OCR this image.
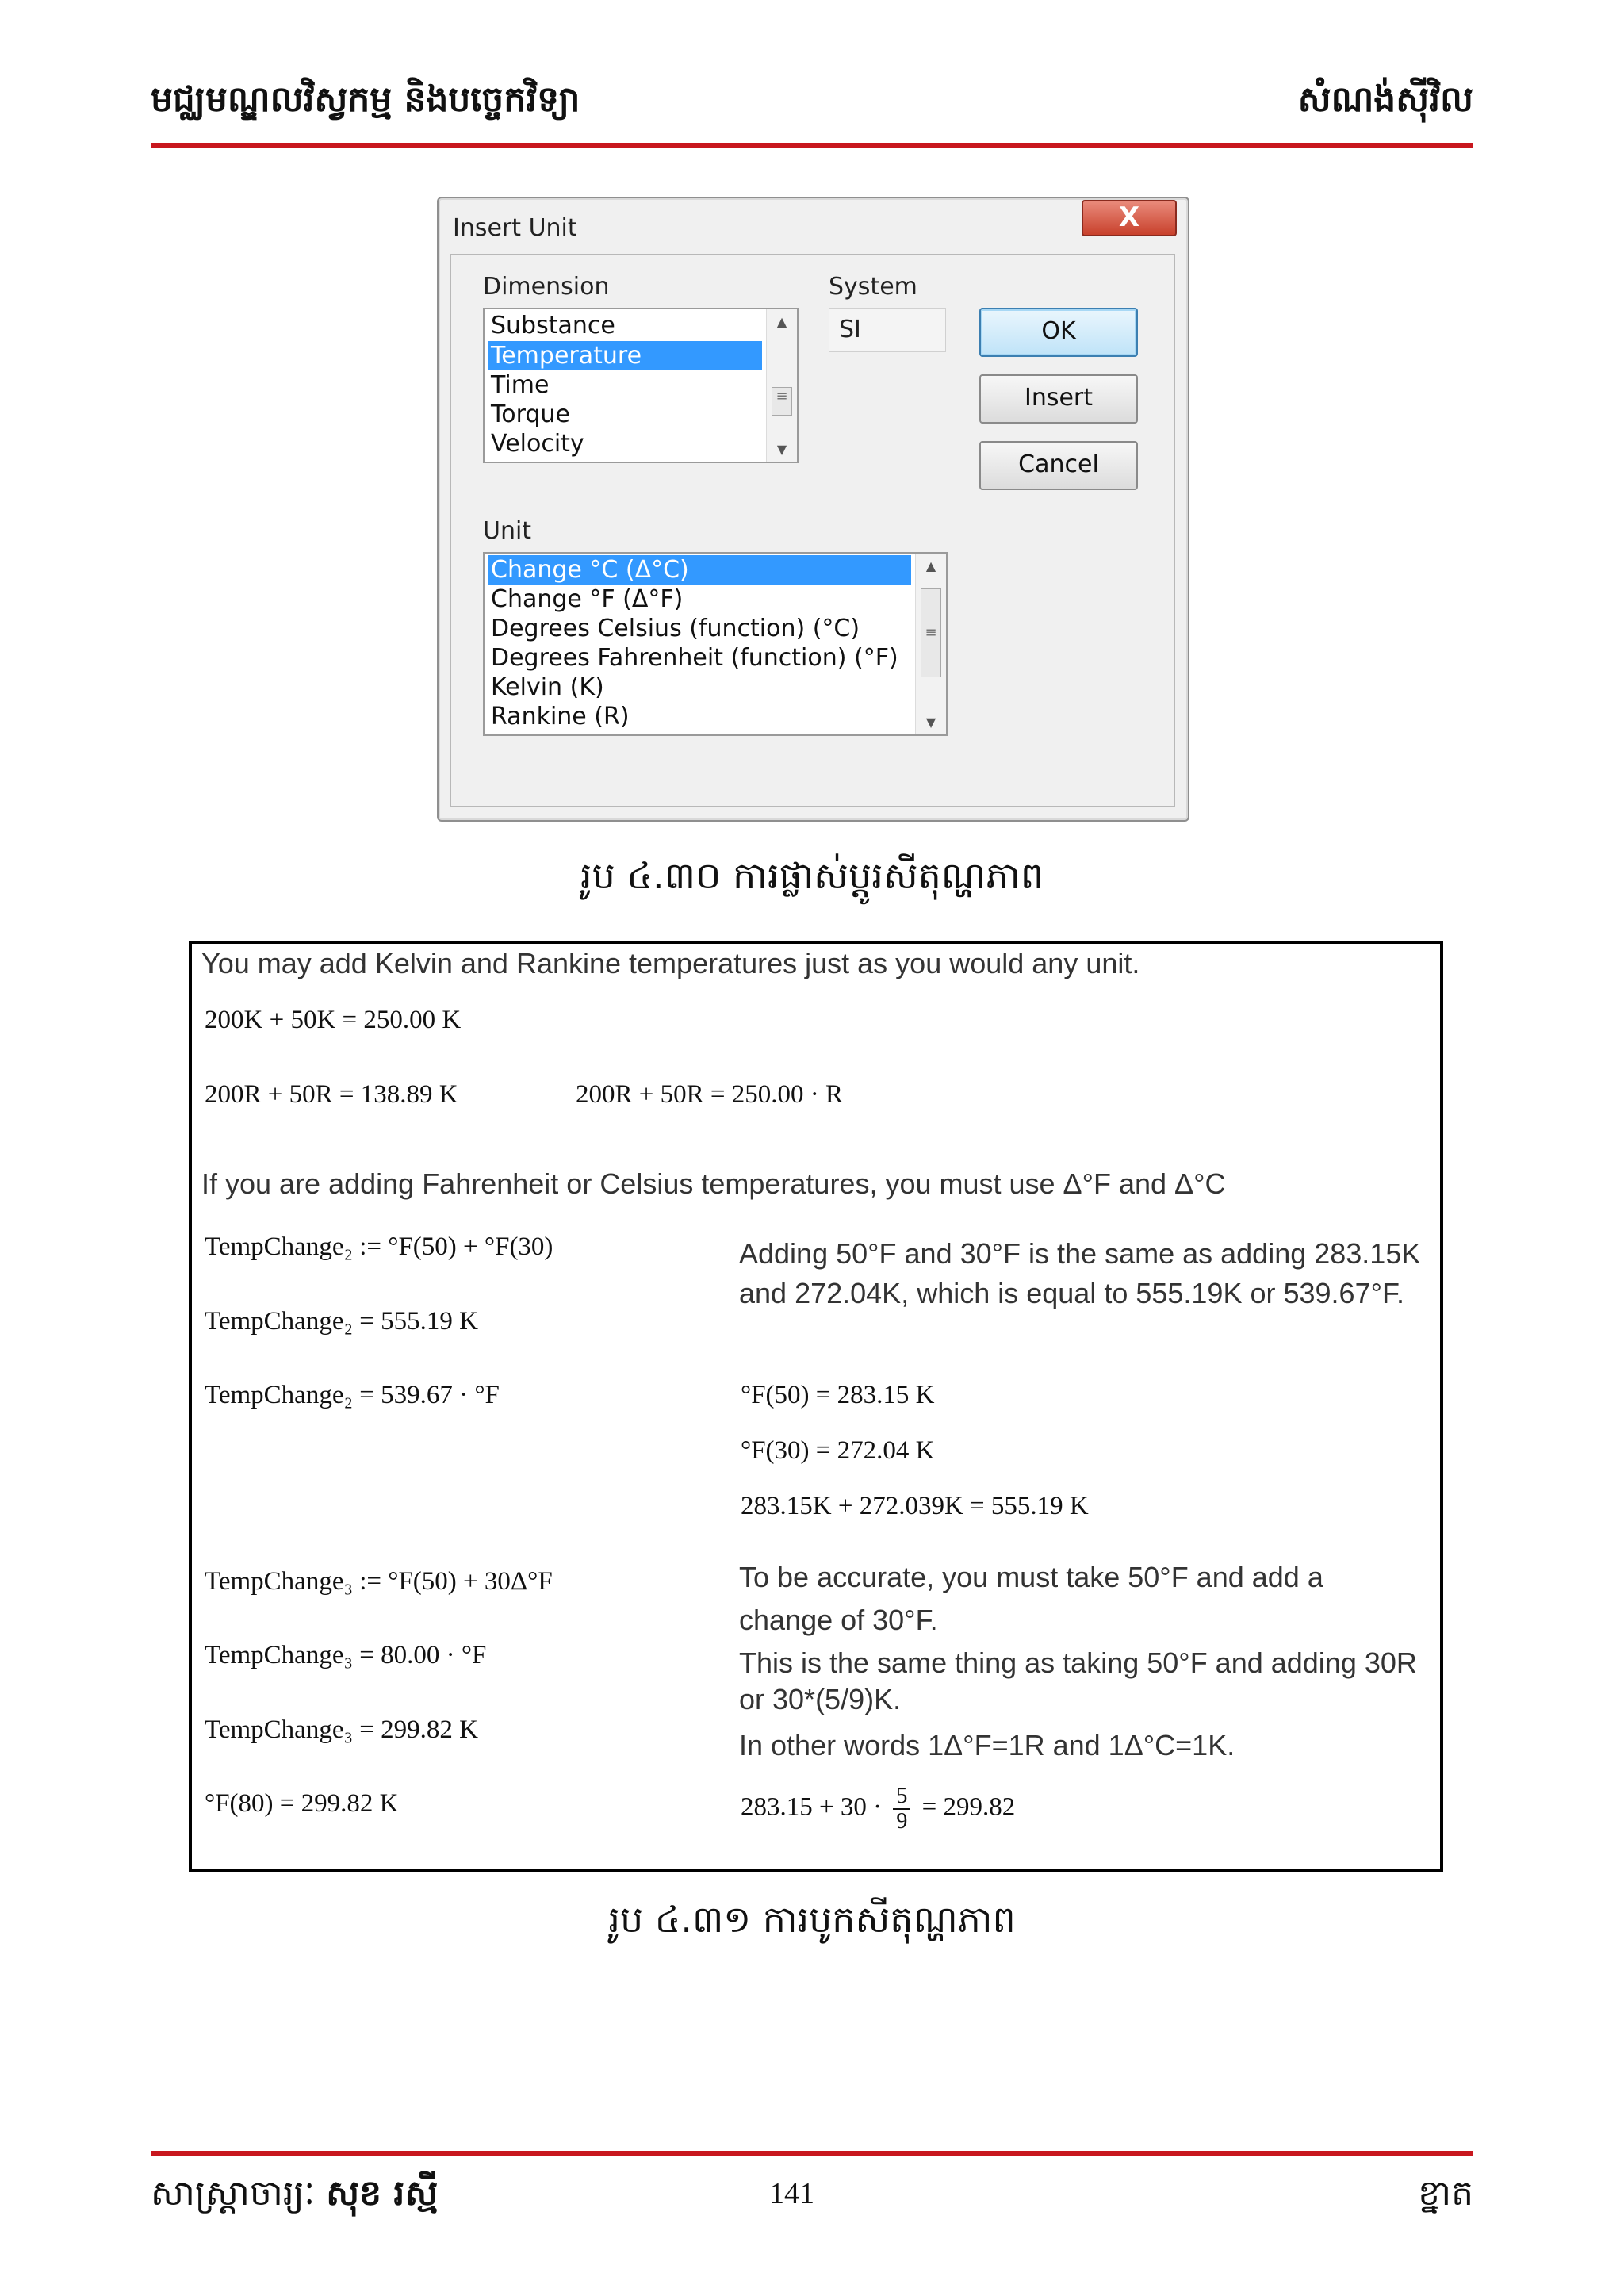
មជ្ឈមណ្ឌលវិស្វកម្ម និងបច្ចេកវិទ្យា	សំណង់ស៊ីវិល
Insert Unit	X
Dimension
Substance
Temperature
Time
Torque
Velocity
▲
≡
▼
System
SI	OK
Insert
Cancel
Unit
Change °C (Δ°C)
Change °F (Δ°F)
Degrees Celsius (function) (°C)
Degrees Fahrenheit (function) (°F)
Kelvin (K)
Rankine (R)
▲
≡
▼
រូប ៤.៣០ ការផ្លាស់ប្តូរសីតុណ្ហភាព
You may add Kelvin and Rankine temperatures just as you would any unit.
200K + 50K = 250.00 K
200R + 50R = 138.89 K	200R + 50R = 250.00 · R
If you are adding Fahrenheit or Celsius temperatures, you must use Δ°F and Δ°C
TempChange₂ := °F(50) + °F(30)
TempChange₂ = 555.19 K
TempChange₂ = 539.67 · °F
Adding 50°F and 30°F is the same as adding 283.15K and 272.04K, which is equal to 555.19K or 539.67°F.
°F(50) = 283.15 K
°F(30) = 272.04 K
283.15K + 272.039K = 555.19 K
TempChange₃ := °F(50) + 30Δ°F
TempChange₃ = 80.00 · °F
TempChange₃ = 299.82 K
°F(80) = 299.82 K
To be accurate, you must take 50°F and add a change of 30°F.
This is the same thing as taking 50°F and adding 30R or 30*(5/9)K.
In other words 1Δ°F=1R and 1Δ°C=1K.
$283.15 + 30 \cdot \frac{5}{9} = 299.82$
រូប ៤.៣១ ការបូកសីតុណ្ហភាព
សាស្ត្រាចារ្យៈ សុខ រស្មី	141	ខ្នាត
